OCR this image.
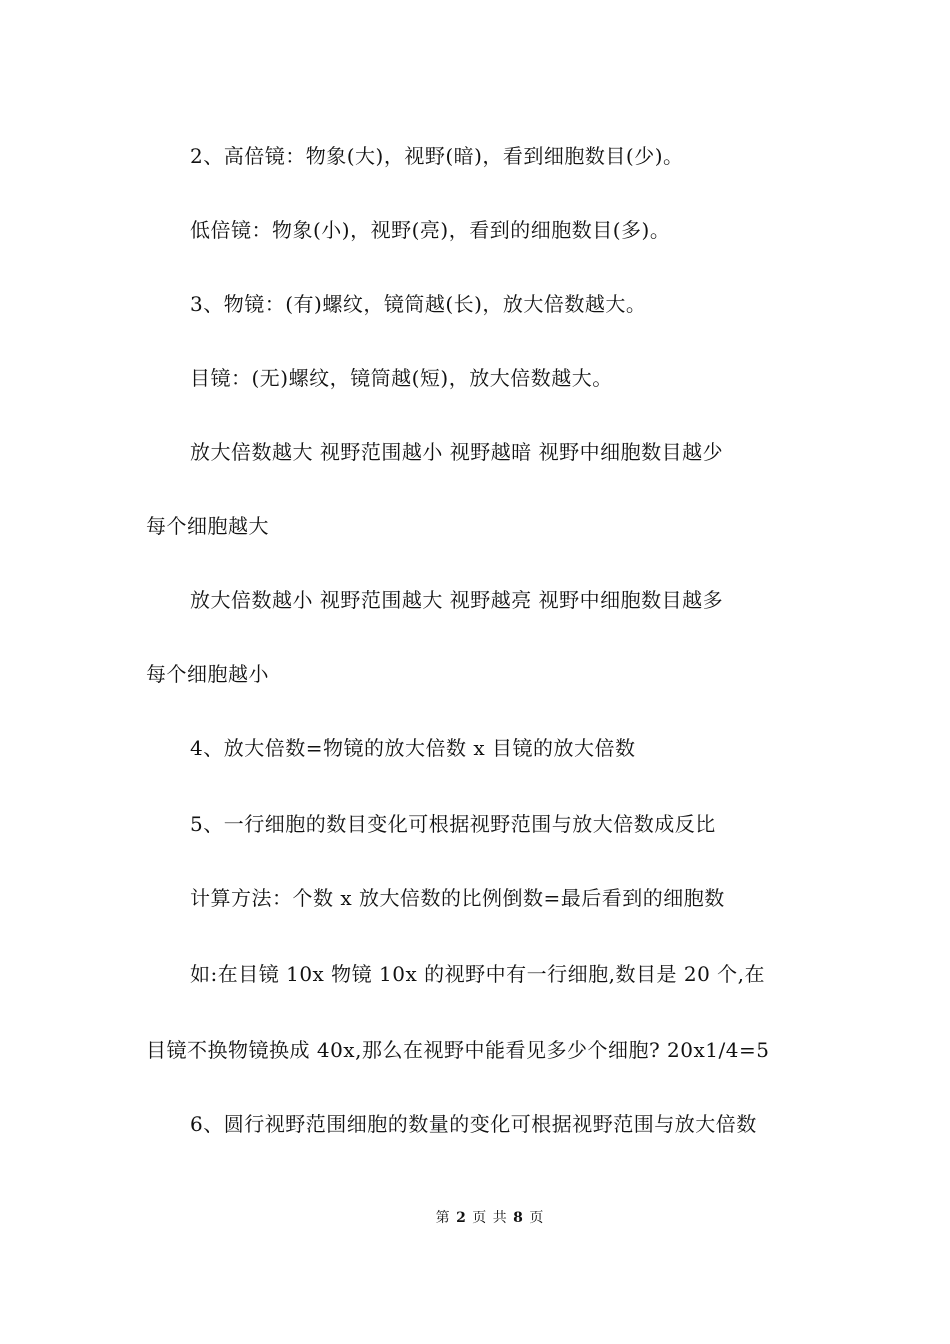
2、高倍镜：物象(大)，视野(暗)，看到细胞数目(少)。
低倍镜：物象(小)，视野(亮)，看到的细胞数目(多)。
3、物镜：(有)螺纹，镜筒越(长)，放大倍数越大。
目镜：(无)螺纹，镜筒越(短)，放大倍数越大。
放大倍数越大 视野范围越小 视野越暗 视野中细胞数目越少
每个细胞越大
放大倍数越小 视野范围越大 视野越亮 视野中细胞数目越多
每个细胞越小
4、放大倍数=物镜的放大倍数 x 目镜的放大倍数
5、一行细胞的数目变化可根据视野范围与放大倍数成反比
计算方法：个数 x 放大倍数的比例倒数=最后看到的细胞数
如:在目镜 10x 物镜 10x 的视野中有一行细胞,数目是 20 个,在
目镜不换物镜换成 40x,那么在视野中能看见多少个细胞? 20x1/4=5
6、圆行视野范围细胞的数量的变化可根据视野范围与放大倍数
第 2 页 共 8 页
